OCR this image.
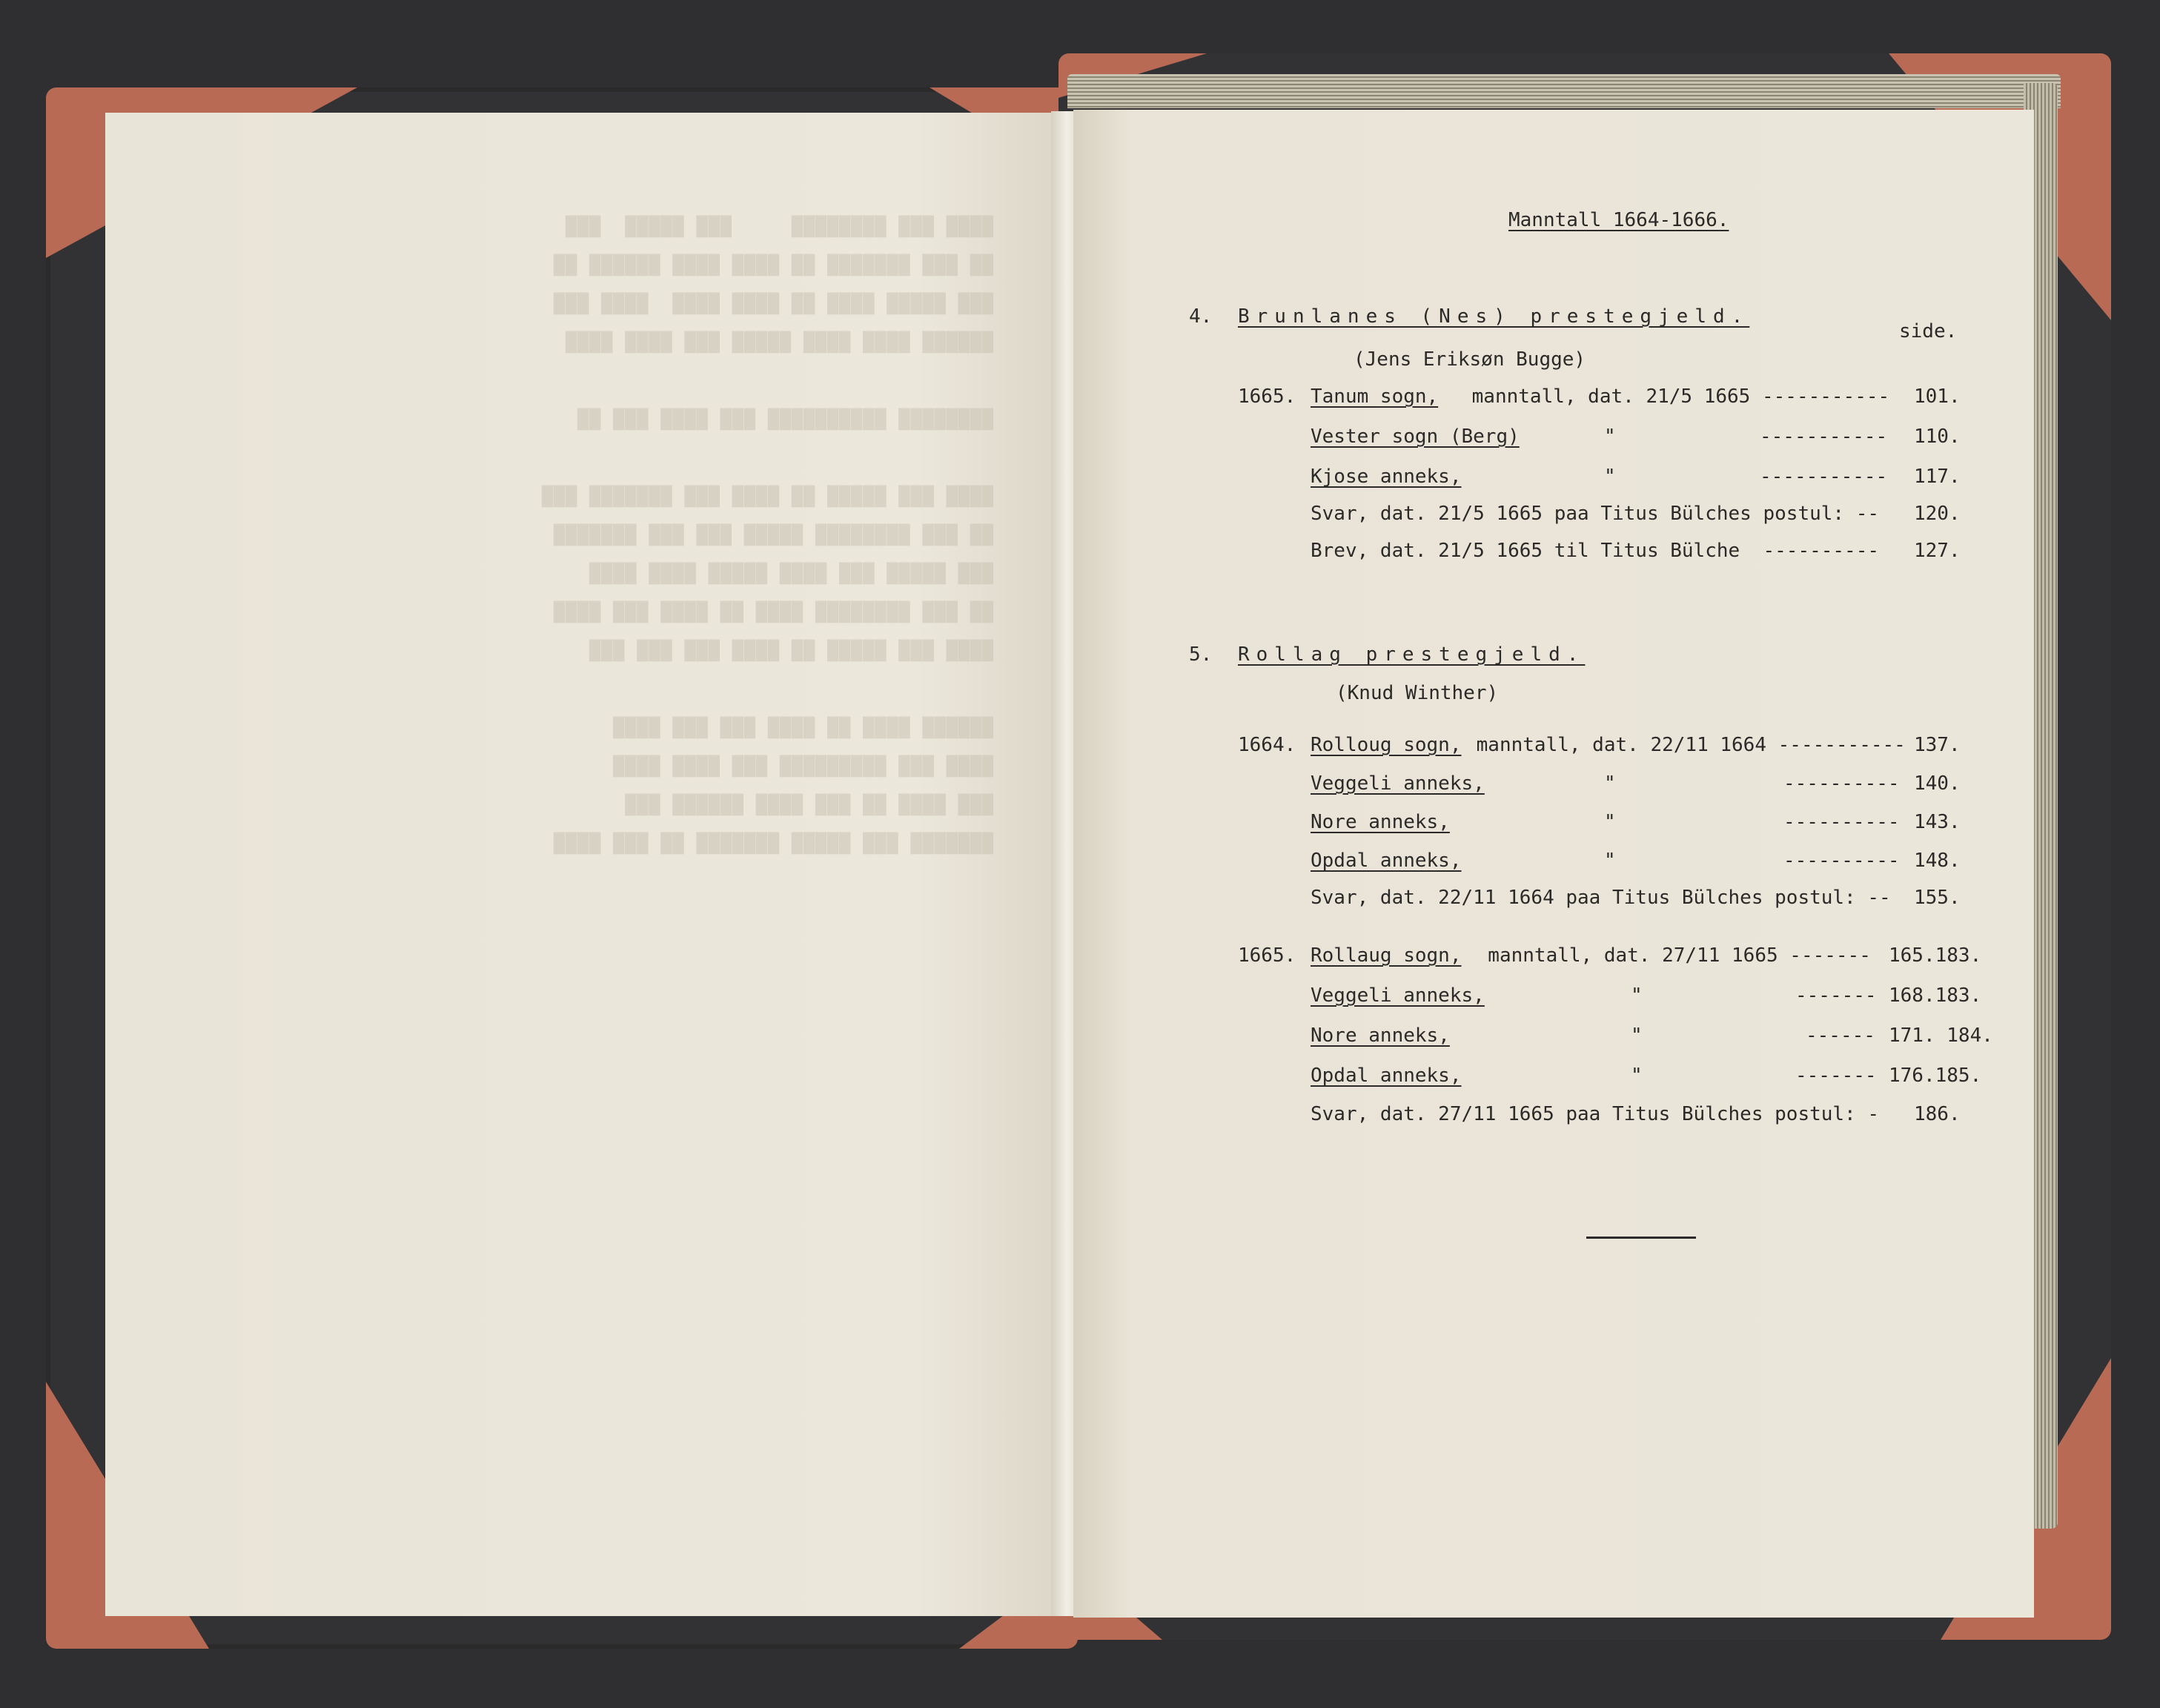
████ ███ ████████     ███ █████  ███
██ ███ ███████ ██ ████ ████ ██████ ██
███ █████ ████ ██ ████ ████  ████ ███
██████ ████ ████ █████ ███ ████ ████

████████ ██████████ ███ ████ ███ ██

████ ███ █████ ██ ████ ███ ███████ ███
██ ███ ████████ █████ ███ ███ ███████
███ █████ ███ ████ █████ ████ ████
██ ███ ████████ ████ ██ ████ ███ ████
████ ███ █████ ██ ████ ███ ███ ███

██████ ████ ██ ████ ███ ███ ████
████ ███ █████████ ███ ████ ████
███ ████ ██ ███ ████ ██████ ███
███████ ███ █████ ███████ ██ ███ ████
Manntall 1664-1666.
4. Brunlanes (Nes) prestegjeld.
side.
(Jens Eriksøn Bugge)
1665. Tanum sogn, manntall, dat. 21/5 1665 ----------- 101.
Vester sogn (Berg)	"	----------- 110.
Kjose anneks,	"	----------- 117.
Svar, dat. 21/5 1665 paa Titus Bülches postul: -- 120.
Brev, dat. 21/5 1665 til Titus Bülche  ---------- 127.
5. Rollag prestegjeld.
(Knud Winther)
1664. Rolloug sogn, manntall, dat. 22/11 1664 ----------- 137.
Veggeli anneks,	"	---------- 140.
Nore anneks,	"	---------- 143.
Opdal anneks,	"	---------- 148.
Svar, dat. 22/11 1664 paa Titus Bülches postul: -- 155.
1665. Rollaug sogn, manntall, dat. 27/11 1665 ------- 165.183.
Veggeli anneks,	"	------- 168.183.
Nore anneks,	"	------ 171. 184.
Opdal anneks,	"	------- 176.185.
Svar, dat. 27/11 1665 paa Titus Bülches postul: - 186.
